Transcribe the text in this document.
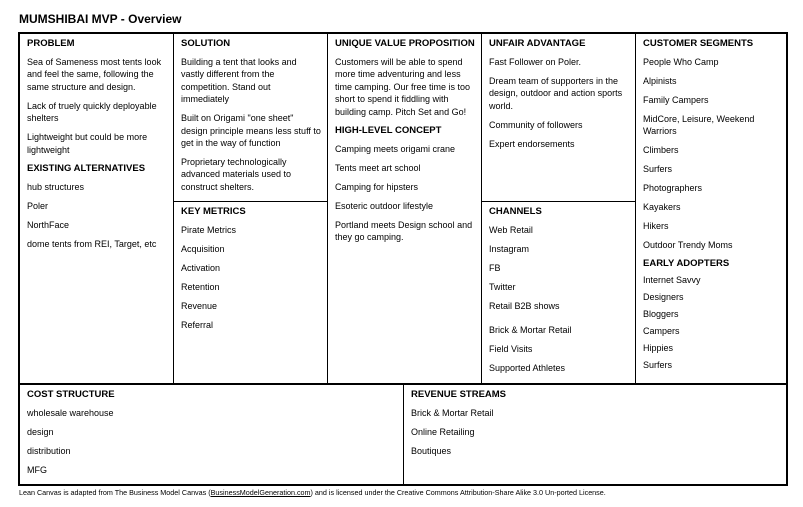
MUMSHIBAI MVP - Overview
PROBLEM
Sea of Sameness most tents look and feel the same, following the same structure and design.
Lack of truely quickly deployable shelters
Lightweight but could be more lightweight
EXISTING ALTERNATIVES
hub structures
Poler
NorthFace
dome tents from REI, Target, etc
SOLUTION
Building a tent that looks and vastly different from the competition. Stand out immediately
Built on Origami "one sheet" design principle means less stuff to get in the way of function
Proprietary technologically advanced materials used to construct shelters.
KEY METRICS
Pirate Metrics
Acquisition
Activation
Retention
Revenue
Referral
UNIQUE VALUE PROPOSITION
Customers will be able to spend more time adventuring and less time camping. Our free time is too short to spend it fiddling with building camp. Pitch Set and Go!
HIGH-LEVEL CONCEPT
Camping meets origami crane
Tents meet art school
Camping for hipsters
Esoteric outdoor lifestyle
Portland meets Design school and they go camping.
UNFAIR ADVANTAGE
Fast Follower on Poler.
Dream team of supporters in the design, outdoor and action sports world.
Community of followers
Expert endorsements
CHANNELS
Web Retail
Instagram
FB
Twitter
Retail B2B shows
Brick & Mortar Retail
Field Visits
Supported Athletes
CUSTOMER SEGMENTS
People Who Camp
Alpinists
Family Campers
MidCore, Leisure, Weekend Warriors
Climbers
Surfers
Photographers
Kayakers
Hikers
Outdoor Trendy Moms
EARLY ADOPTERS
Internet Savvy
Designers
Bloggers
Campers
Hippies
Surfers
COST STRUCTURE
wholesale warehouse
design
distribution
MFG
REVENUE STREAMS
Brick & Mortar Retail
Online Retailing
Boutiques
Lean Canvas is adapted from The Business Model Canvas (BusinessModelGeneration.com) and is licensed under the Creative Commons Attribution-Share Alike 3.0 Un-ported License.
